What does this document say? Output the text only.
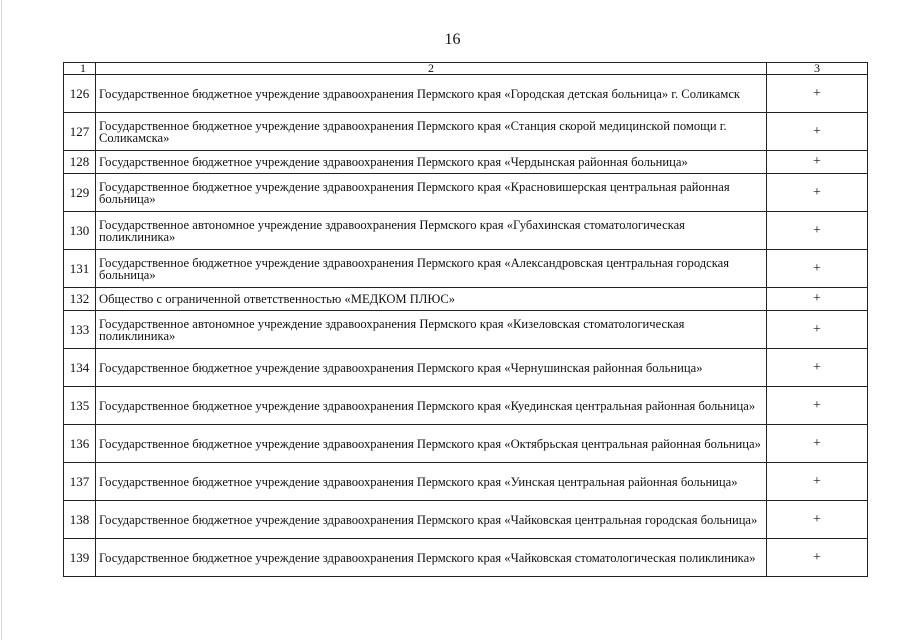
16
1	2	3
126	Государственное бюджетное учреждение здравоохранения Пермского края «Городская детская больница» г. Соликамск	+
127	Государственное бюджетное учреждение здравоохранения Пермского края «Станция скорой медицинской помощи г. Соликамска»	+
128	Государственное бюджетное учреждение здравоохранения Пермского края «Чердынская районная больница»	+
129	Государственное бюджетное учреждение здравоохранения Пермского края «Красновишерская центральная районная больница»	+
130	Государственное автономное учреждение здравоохранения Пермского края «Губахинская стоматологическая поликлиника»	+
131	Государственное бюджетное учреждение здравоохранения Пермского края «Александровская центральная городская больница»	+
132	Общество с ограниченной ответственностью «МЕДКОМ ПЛЮС»	+
133	Государственное автономное учреждение здравоохранения Пермского края «Кизеловская стоматологическая поликлиника»	+
134	Государственное бюджетное учреждение здравоохранения Пермского края «Чернушинская районная больница»	+
135	Государственное бюджетное учреждение здравоохранения Пермского края «Куединская центральная районная больница»	+
136	Государственное бюджетное учреждение здравоохранения Пермского края «Октябрьская центральная районная больница»	+
137	Государственное бюджетное учреждение здравоохранения Пермского края «Уинская центральная районная больница»	+
138	Государственное бюджетное учреждение здравоохранения Пермского края «Чайковская центральная городская больница»	+
139	Государственное бюджетное учреждение здравоохранения Пермского края «Чайковская стоматологическая поликлиника»	+
